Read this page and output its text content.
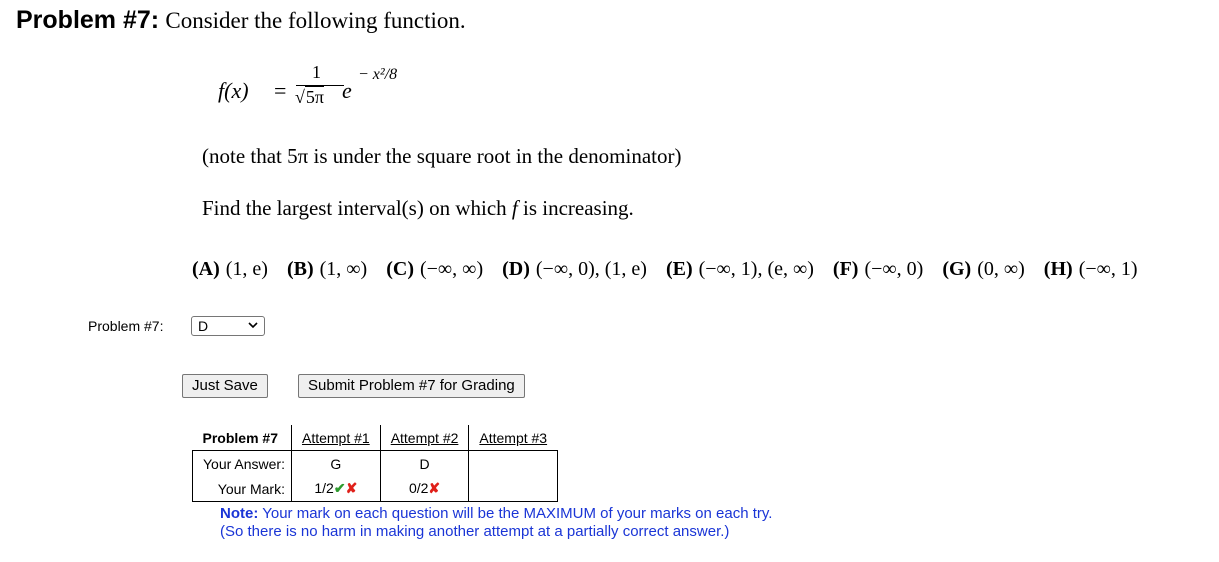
Problem #7: Consider the following function.
f(x) =
1
√5π e
− x²/8
(note that 5π is under the square root in the denominator)
Find the largest interval(s) on which f is increasing.
(A) (1, e) (B) (1, ∞) (C) (−∞, ∞) (D) (−∞, 0), (1, e) (E) (−∞, 1), (e, ∞) (F) (−∞, 0) (G) (0, ∞) (H) (−∞, 1)
Problem #7: D
Just Save	Submit Problem #7 for Grading
Problem #7	Attempt #1	Attempt #2	Attempt #3
Your Answer:	G	D	
Your Mark:	1/2✔✘	0/2✘	
Note: Your mark on each question will be the MAXIMUM of your marks on each try.
(So there is no harm in making another attempt at a partially correct answer.)
